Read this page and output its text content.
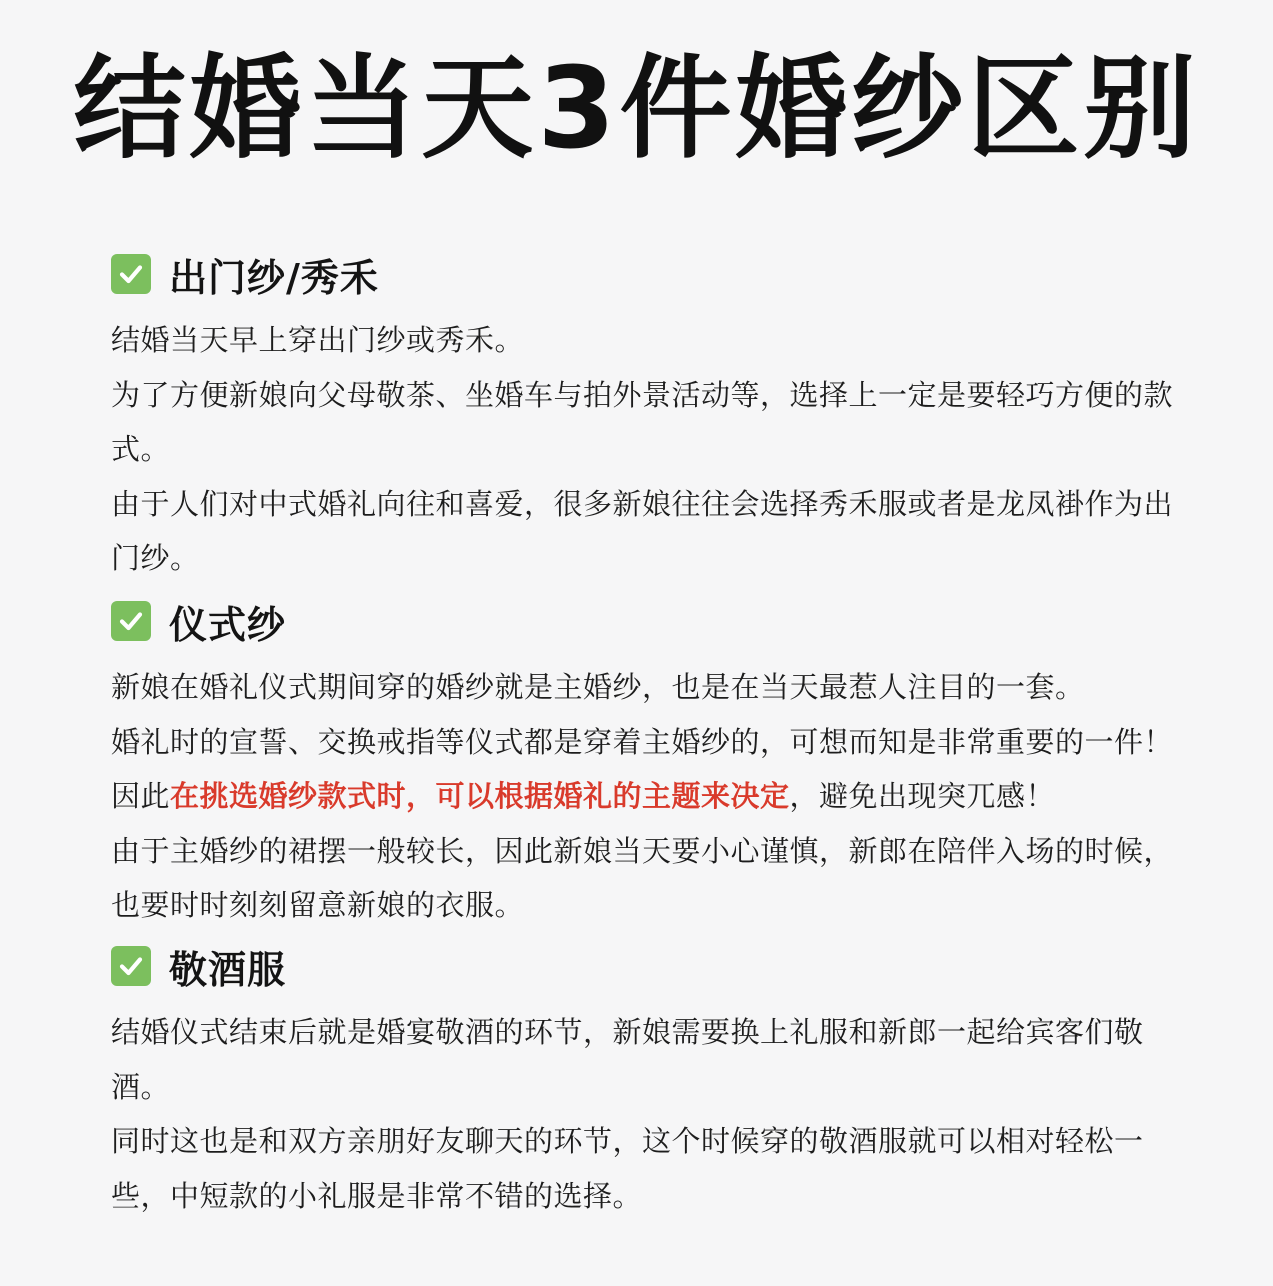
结婚当天3件婚纱区别
出门纱/秀禾

结婚当天早上穿出门纱或秀禾。

为了方便新娘向父母敬茶、坐婚车与拍外景活动等，选择上一定是要轻巧方便的款式。

由于人们对中式婚礼向往和喜爱，很多新娘往往会选择秀禾服或者是龙凤褂作为出门纱。

仪式纱

新娘在婚礼仪式期间穿的婚纱就是主婚纱，也是在当天最惹人注目的一套。

婚礼时的宣誓、交换戒指等仪式都是穿着主婚纱的，可想而知是非常重要的一件！因此在挑选婚纱款式时，可以根据婚礼的主题来决定，避免出现突兀感！

由于主婚纱的裙摆一般较长，因此新娘当天要小心谨慎，新郎在陪伴入场的时候，也要时时刻刻留意新娘的衣服。

敬酒服

结婚仪式结束后就是婚宴敬酒的环节，新娘需要换上礼服和新郎一起给宾客们敬酒。

同时这也是和双方亲朋好友聊天的环节，这个时候穿的敬酒服就可以相对轻松一些，中短款的小礼服是非常不错的选择。
